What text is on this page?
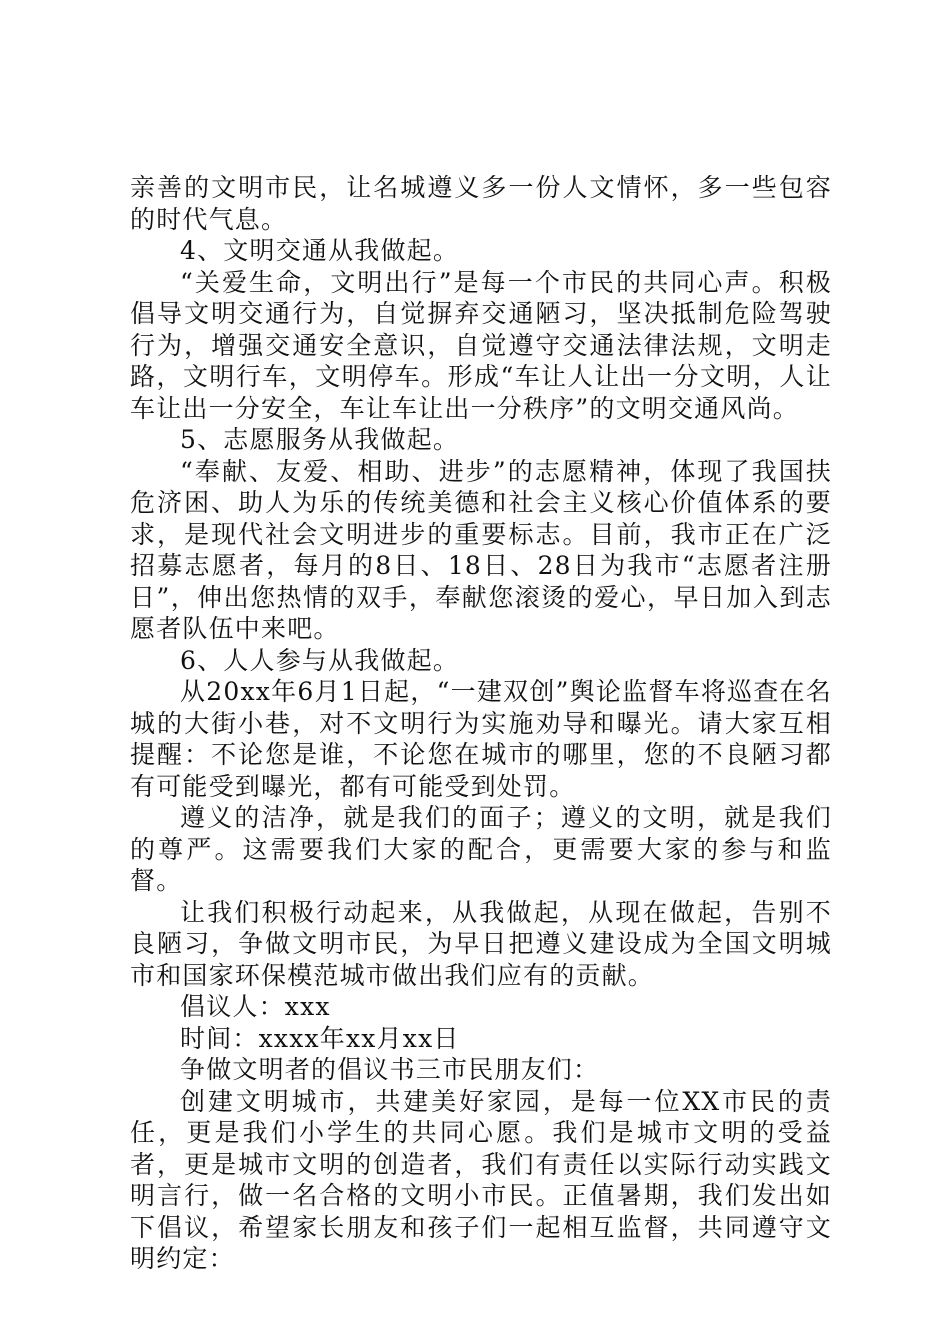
亲善的文明市民，让名城遵义多一份人文情怀，多一些包容的时代气息。

4、文明交通从我做起。

“关爱生命，文明出行”是每一个市民的共同心声。积极倡导文明交通行为，自觉摒弃交通陋习，坚决抵制危险驾驶行为，增强交通安全意识，自觉遵守交通法律法规，文明走路，文明行车，文明停车。形成“车让人让出一分文明，人让车让出一分安全，车让车让出一分秩序”的文明交通风尚。

5、志愿服务从我做起。

“奉献、友爱、相助、进步”的志愿精神，体现了我国扶危济困、助人为乐的传统美德和社会主义核心价值体系的要求，是现代社会文明进步的重要标志。目前，我市正在广泛招募志愿者，每月的8日、18日、28日为我市“志愿者注册日”，伸出您热情的双手，奉献您滚烫的爱心，早日加入到志愿者队伍中来吧。

6、人人参与从我做起。

从20xx年6月1日起，“一建双创”舆论监督车将巡查在名城的大街小巷，对不文明行为实施劝导和曝光。请大家互相提醒：不论您是谁，不论您在城市的哪里，您的不良陋习都有可能受到曝光，都有可能受到处罚。

遵义的洁净，就是我们的面子；遵义的文明，就是我们的尊严。这需要我们大家的配合，更需要大家的参与和监督。

让我们积极行动起来，从我做起，从现在做起，告别不良陋习，争做文明市民，为早日把遵义建设成为全国文明城市和国家环保模范城市做出我们应有的贡献。

倡议人：xxx

时间：xxxx年xx月xx日

争做文明者的倡议书三市民朋友们：

创建文明城市，共建美好家园，是每一位XX市民的责任，更是我们小学生的共同心愿。我们是城市文明的受益者，更是城市文明的创造者，我们有责任以实际行动实践文明言行，做一名合格的文明小市民。正值暑期，我们发出如下倡议，希望家长朋友和孩子们一起相互监督，共同遵守文明约定：
